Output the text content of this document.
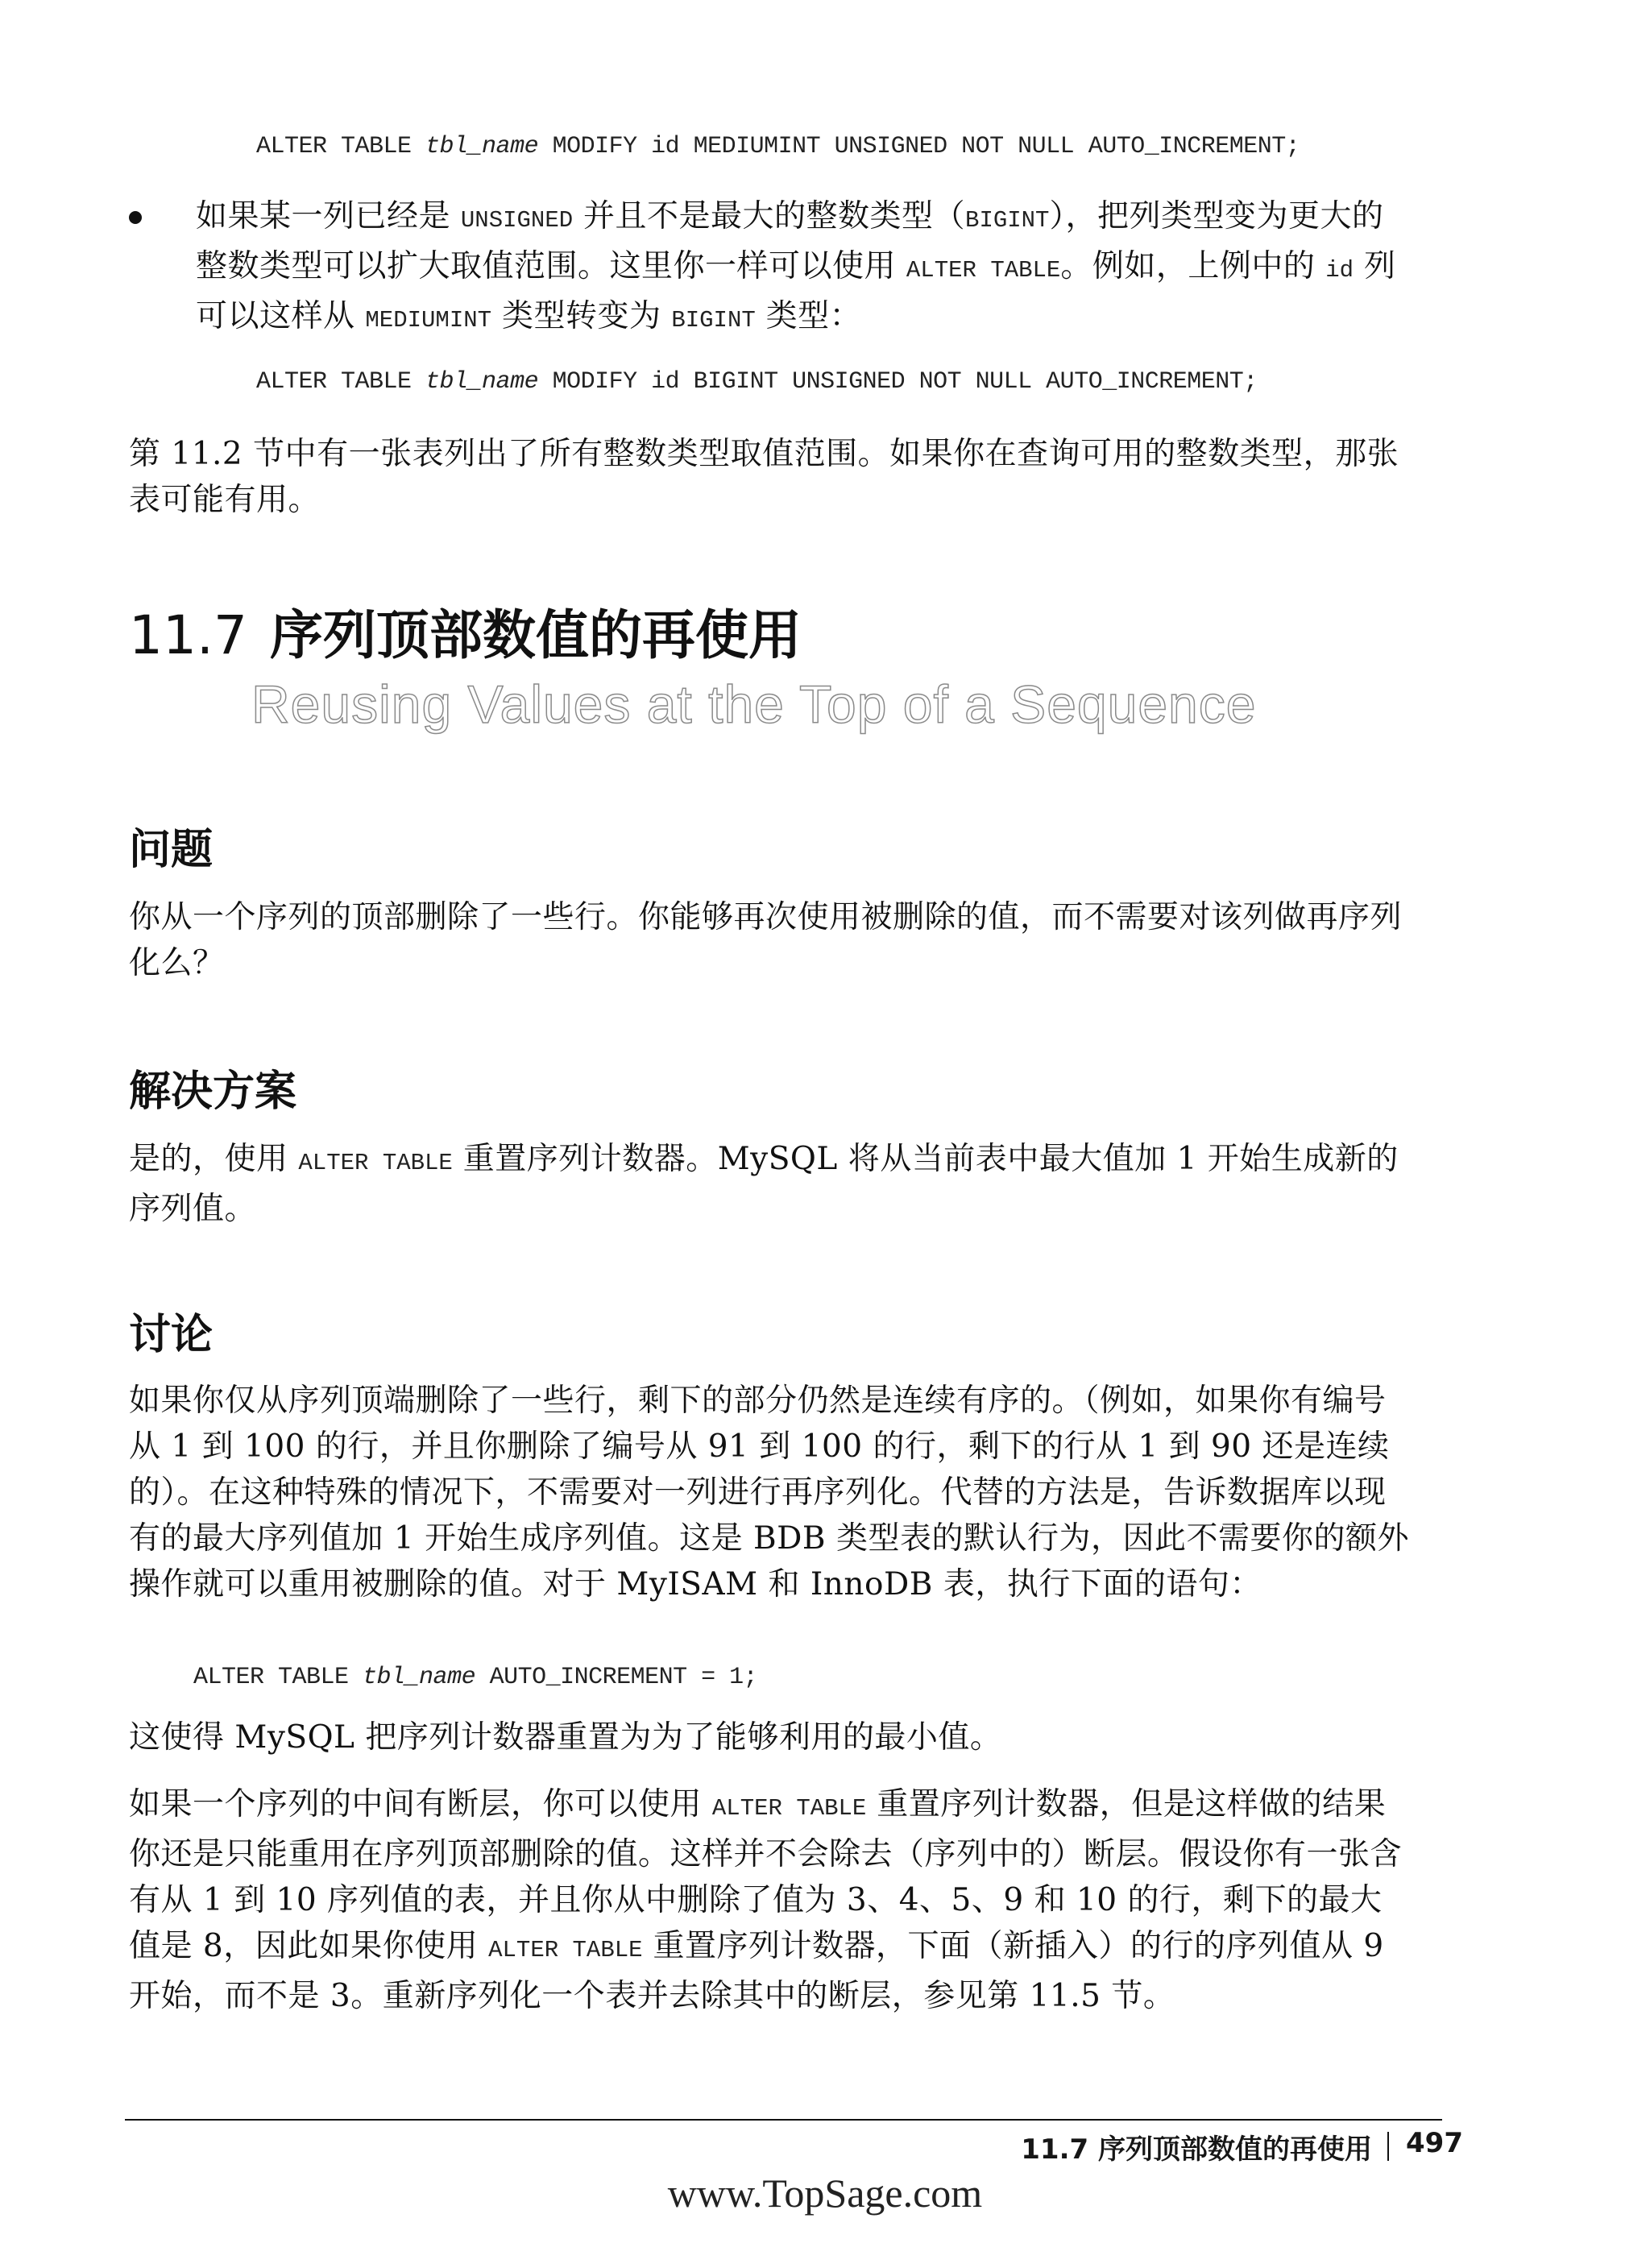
ALTER TABLE tbl_name MODIFY id MEDIUMINT UNSIGNED NOT NULL AUTO_INCREMENT;
如果某一列已经是 UNSIGNED 并且不是最大的整数类型（BIGINT），把列类型变为更大的整数类型可以扩大取值范围。这里你一样可以使用 ALTER TABLE。例如，上例中的 id 列可以这样从 MEDIUMINT 类型转变为 BIGINT 类型：
ALTER TABLE tbl_name MODIFY id BIGINT UNSIGNED NOT NULL AUTO_INCREMENT;
第 11.2 节中有一张表列出了所有整数类型取值范围。如果你在查询可用的整数类型，那张表可能有用。
11.7 序列顶部数值的再使用
Reusing Values at the Top of a Sequence
问题
你从一个序列的顶部删除了一些行。你能够再次使用被删除的值，而不需要对该列做再序列化么？
解决方案
是的，使用 ALTER TABLE 重置序列计数器。MySQL 将从当前表中最大值加 1 开始生成新的序列值。
讨论
如果你仅从序列顶端删除了一些行，剩下的部分仍然是连续有序的。（例如，如果你有编号从 1 到 100 的行，并且你删除了编号从 91 到 100 的行，剩下的行从 1 到 90 还是连续的）。在这种特殊的情况下，不需要对一列进行再序列化。代替的方法是，告诉数据库以现有的最大序列值加 1 开始生成序列值。这是 BDB 类型表的默认行为，因此不需要你的额外操作就可以重用被删除的值。对于 MyISAM 和 InnoDB 表，执行下面的语句：
ALTER TABLE tbl_name AUTO_INCREMENT = 1;
这使得 MySQL 把序列计数器重置为为了能够利用的最小值。
如果一个序列的中间有断层，你可以使用 ALTER TABLE 重置序列计数器，但是这样做的结果你还是只能重用在序列顶部删除的值。这样并不会除去（序列中的）断层。假设你有一张含有从 1 到 10 序列值的表，并且你从中删除了值为 3、4、5、9 和 10 的行，剩下的最大值是 8，因此如果你使用 ALTER TABLE 重置序列计数器，下面（新插入）的行的序列值从 9 开始，而不是 3。重新序列化一个表并去除其中的断层，参见第 11.5 节。
11.7 序列顶部数值的再使用 497
www.TopSage.com
